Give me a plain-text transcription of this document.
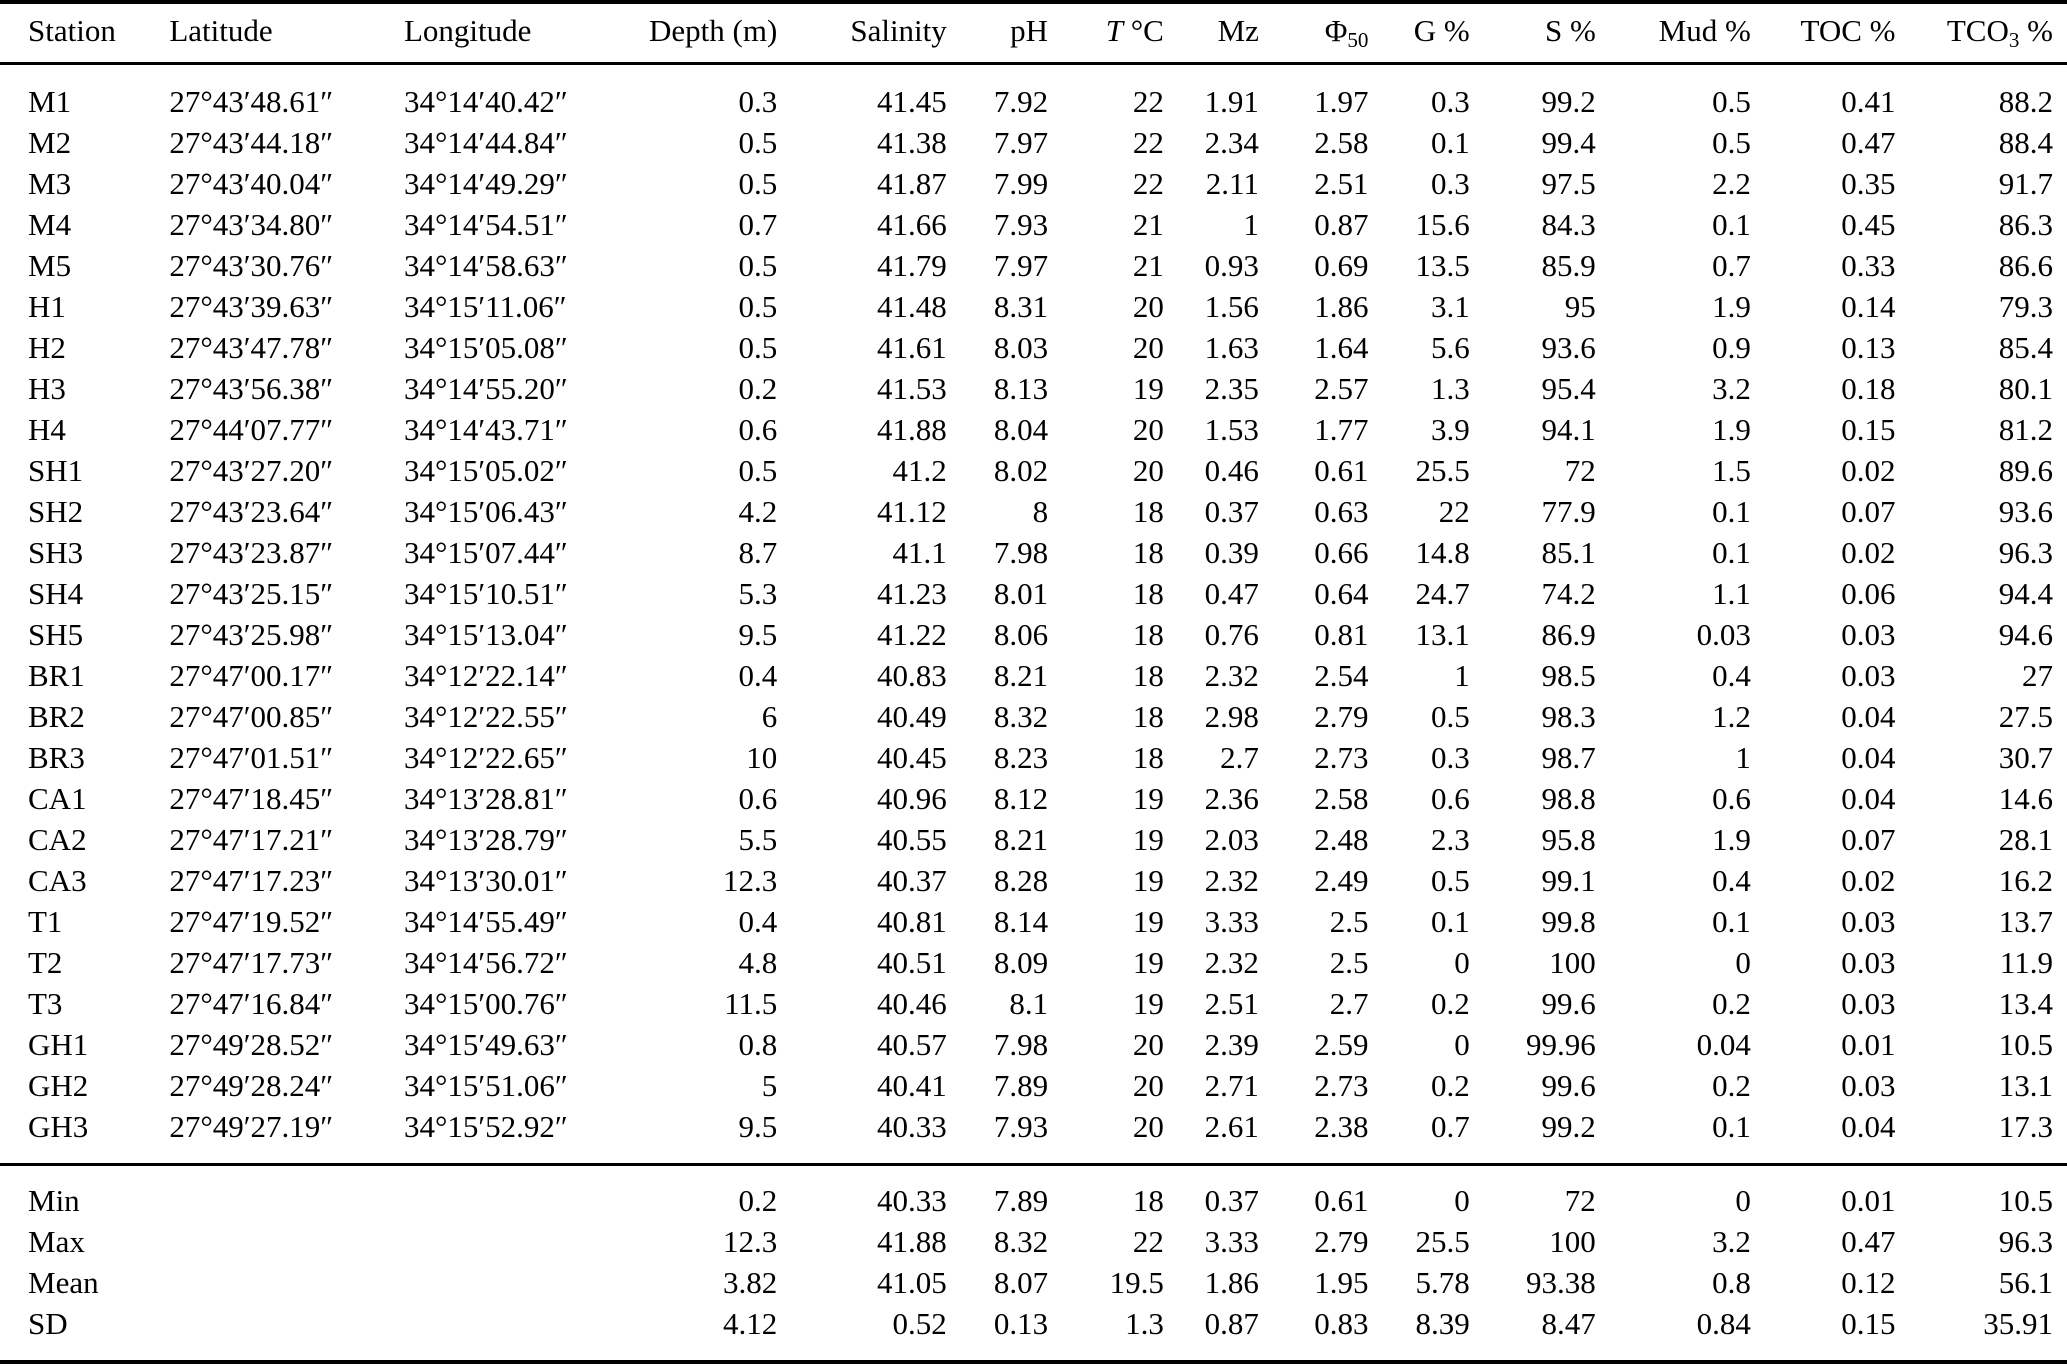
Station	Latitude	Longitude	Depth (m)	Salinity	pH	T °C	Mz	$\Phi_{50}$	G %	S %	Mud %	TOC %	$TCO_3$ %
M1	27°43′48.61″	34°14′40.42″	0.3	41.45	7.92	22	1.91	1.97	0.3	99.2	0.5	0.41	88.2
M2	27°43′44.18″	34°14′44.84″	0.5	41.38	7.97	22	2.34	2.58	0.1	99.4	0.5	0.47	88.4
M3	27°43′40.04″	34°14′49.29″	0.5	41.87	7.99	22	2.11	2.51	0.3	97.5	2.2	0.35	91.7
M4	27°43′34.80″	34°14′54.51″	0.7	41.66	7.93	21	1	0.87	15.6	84.3	0.1	0.45	86.3
M5	27°43′30.76″	34°14′58.63″	0.5	41.79	7.97	21	0.93	0.69	13.5	85.9	0.7	0.33	86.6
H1	27°43′39.63″	34°15′11.06″	0.5	41.48	8.31	20	1.56	1.86	3.1	95	1.9	0.14	79.3
H2	27°43′47.78″	34°15′05.08″	0.5	41.61	8.03	20	1.63	1.64	5.6	93.6	0.9	0.13	85.4
H3	27°43′56.38″	34°14′55.20″	0.2	41.53	8.13	19	2.35	2.57	1.3	95.4	3.2	0.18	80.1
H4	27°44′07.77″	34°14′43.71″	0.6	41.88	8.04	20	1.53	1.77	3.9	94.1	1.9	0.15	81.2
SH1	27°43′27.20″	34°15′05.02″	0.5	41.2	8.02	20	0.46	0.61	25.5	72	1.5	0.02	89.6
SH2	27°43′23.64″	34°15′06.43″	4.2	41.12	8	18	0.37	0.63	22	77.9	0.1	0.07	93.6
SH3	27°43′23.87″	34°15′07.44″	8.7	41.1	7.98	18	0.39	0.66	14.8	85.1	0.1	0.02	96.3
SH4	27°43′25.15″	34°15′10.51″	5.3	41.23	8.01	18	0.47	0.64	24.7	74.2	1.1	0.06	94.4
SH5	27°43′25.98″	34°15′13.04″	9.5	41.22	8.06	18	0.76	0.81	13.1	86.9	0.03	0.03	94.6
BR1	27°47′00.17″	34°12′22.14″	0.4	40.83	8.21	18	2.32	2.54	1	98.5	0.4	0.03	27
BR2	27°47′00.85″	34°12′22.55″	6	40.49	8.32	18	2.98	2.79	0.5	98.3	1.2	0.04	27.5
BR3	27°47′01.51″	34°12′22.65″	10	40.45	8.23	18	2.7	2.73	0.3	98.7	1	0.04	30.7
CA1	27°47′18.45″	34°13′28.81″	0.6	40.96	8.12	19	2.36	2.58	0.6	98.8	0.6	0.04	14.6
CA2	27°47′17.21″	34°13′28.79″	5.5	40.55	8.21	19	2.03	2.48	2.3	95.8	1.9	0.07	28.1
CA3	27°47′17.23″	34°13′30.01″	12.3	40.37	8.28	19	2.32	2.49	0.5	99.1	0.4	0.02	16.2
T1	27°47′19.52″	34°14′55.49″	0.4	40.81	8.14	19	3.33	2.5	0.1	99.8	0.1	0.03	13.7
T2	27°47′17.73″	34°14′56.72″	4.8	40.51	8.09	19	2.32	2.5	0	100	0	0.03	11.9
T3	27°47′16.84″	34°15′00.76″	11.5	40.46	8.1	19	2.51	2.7	0.2	99.6	0.2	0.03	13.4
GH1	27°49′28.52″	34°15′49.63″	0.8	40.57	7.98	20	2.39	2.59	0	99.96	0.04	0.01	10.5
GH2	27°49′28.24″	34°15′51.06″	5	40.41	7.89	20	2.71	2.73	0.2	99.6	0.2	0.03	13.1
GH3	27°49′27.19″	34°15′52.92″	9.5	40.33	7.93	20	2.61	2.38	0.7	99.2	0.1	0.04	17.3
Min			0.2	40.33	7.89	18	0.37	0.61	0	72	0	0.01	10.5
Max			12.3	41.88	8.32	22	3.33	2.79	25.5	100	3.2	0.47	96.3
Mean			3.82	41.05	8.07	19.5	1.86	1.95	5.78	93.38	0.8	0.12	56.1
SD			4.12	0.52	0.13	1.3	0.87	0.83	8.39	8.47	0.84	0.15	35.91
